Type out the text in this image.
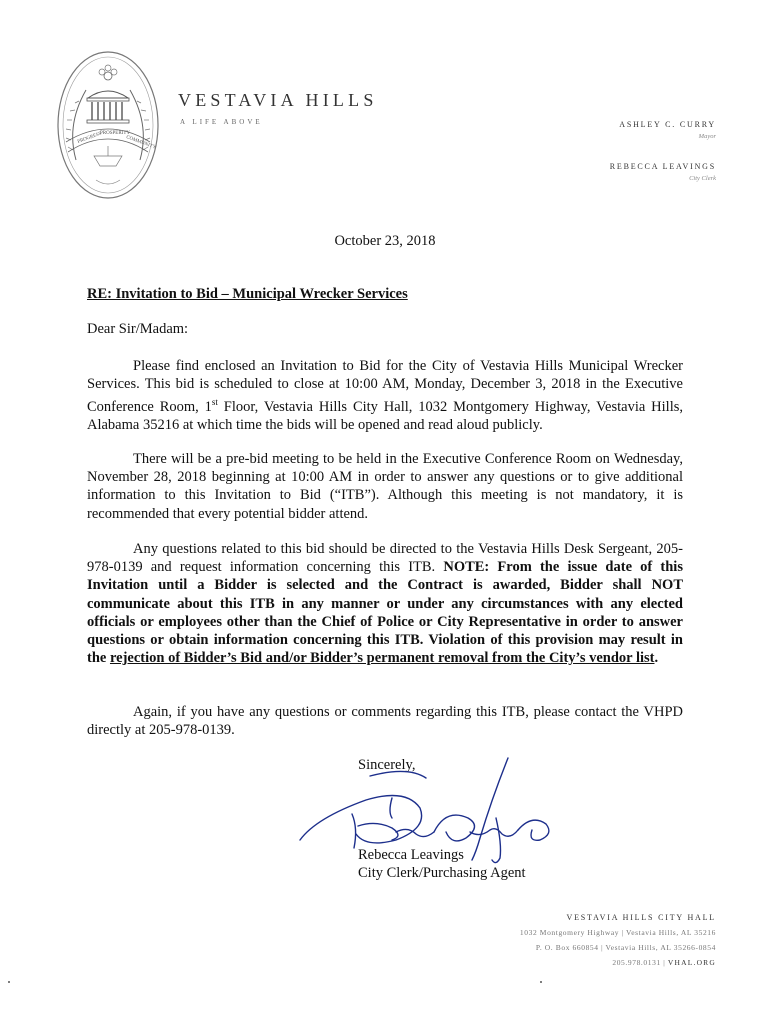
PROGRESS
PROSPERITY
COMMUNITY
VESTAVIA HILLS
A LIFE ABOVE	ASHLEY C. CURRY
Mayor
REBECCA LEAVINGS
City Clerk
October 23, 2018
RE: Invitation to Bid – Municipal Wrecker Services
Dear Sir/Madam:
Please find enclosed an Invitation to Bid for the City of Vestavia Hills Municipal Wrecker Services. This bid is scheduled to close at 10:00 AM, Monday, December 3, 2018 in the Executive Conference Room, 1st Floor, Vestavia Hills City Hall, 1032 Montgomery Highway, Vestavia Hills, Alabama 35216 at which time the bids will be opened and read aloud publicly.
There will be a pre-bid meeting to be held in the Executive Conference Room on Wednesday, November 28, 2018 beginning at 10:00 AM in order to answer any questions or to give additional information to this Invitation to Bid (“ITB”). Although this meeting is not mandatory, it is recommended that every potential bidder attend.
Any questions related to this bid should be directed to the Vestavia Hills Desk Sergeant, 205-978-0139 and request information concerning this ITB. NOTE: From the issue date of this Invitation until a Bidder is selected and the Contract is awarded, Bidder shall NOT communicate about this ITB in any manner or under any circumstances with any elected officials or employees other than the Chief of Police or City Representative in order to answer questions or obtain information concerning this ITB. Violation of this provision may result in the rejection of Bidder’s Bid and/or Bidder’s permanent removal from the City’s vendor list.
Again, if you have any questions or comments regarding this ITB, please contact the VHPD directly at 205-978-0139.
Sincerely,
Rebecca Leavings
City Clerk/Purchasing Agent
VESTAVIA HILLS CITY HALL
1032 Montgomery Highway | Vestavia Hills, AL 35216
P. O. Box 660854 | Vestavia Hills, AL 35266-0854
205.978.0131 | VHAL.ORG
